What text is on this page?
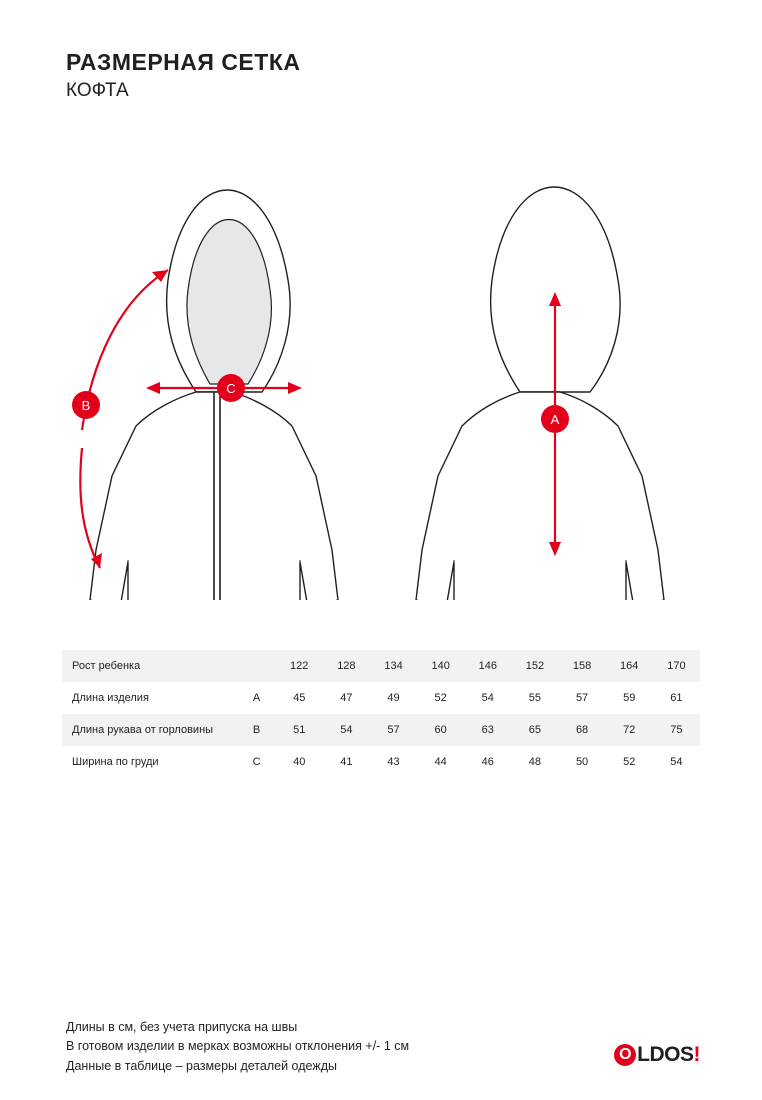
РАЗМЕРНАЯ СЕТКА
КОФТА
B
C
A
Рост ребенка		122	128	134	140	146	152	158	164	170
Длина изделия	A	45	47	49	52	54	55	57	59	61
Длина рукава от горловины	B	51	54	57	60	63	65	68	72	75
Ширина по груди	C	40	41	43	44	46	48	50	52	54
Длины в см, без учета припуска на швы
В готовом изделии в мерках возможны отклонения +/- 1 см
Данные в таблице – размеры деталей одежды
O LDOS !
